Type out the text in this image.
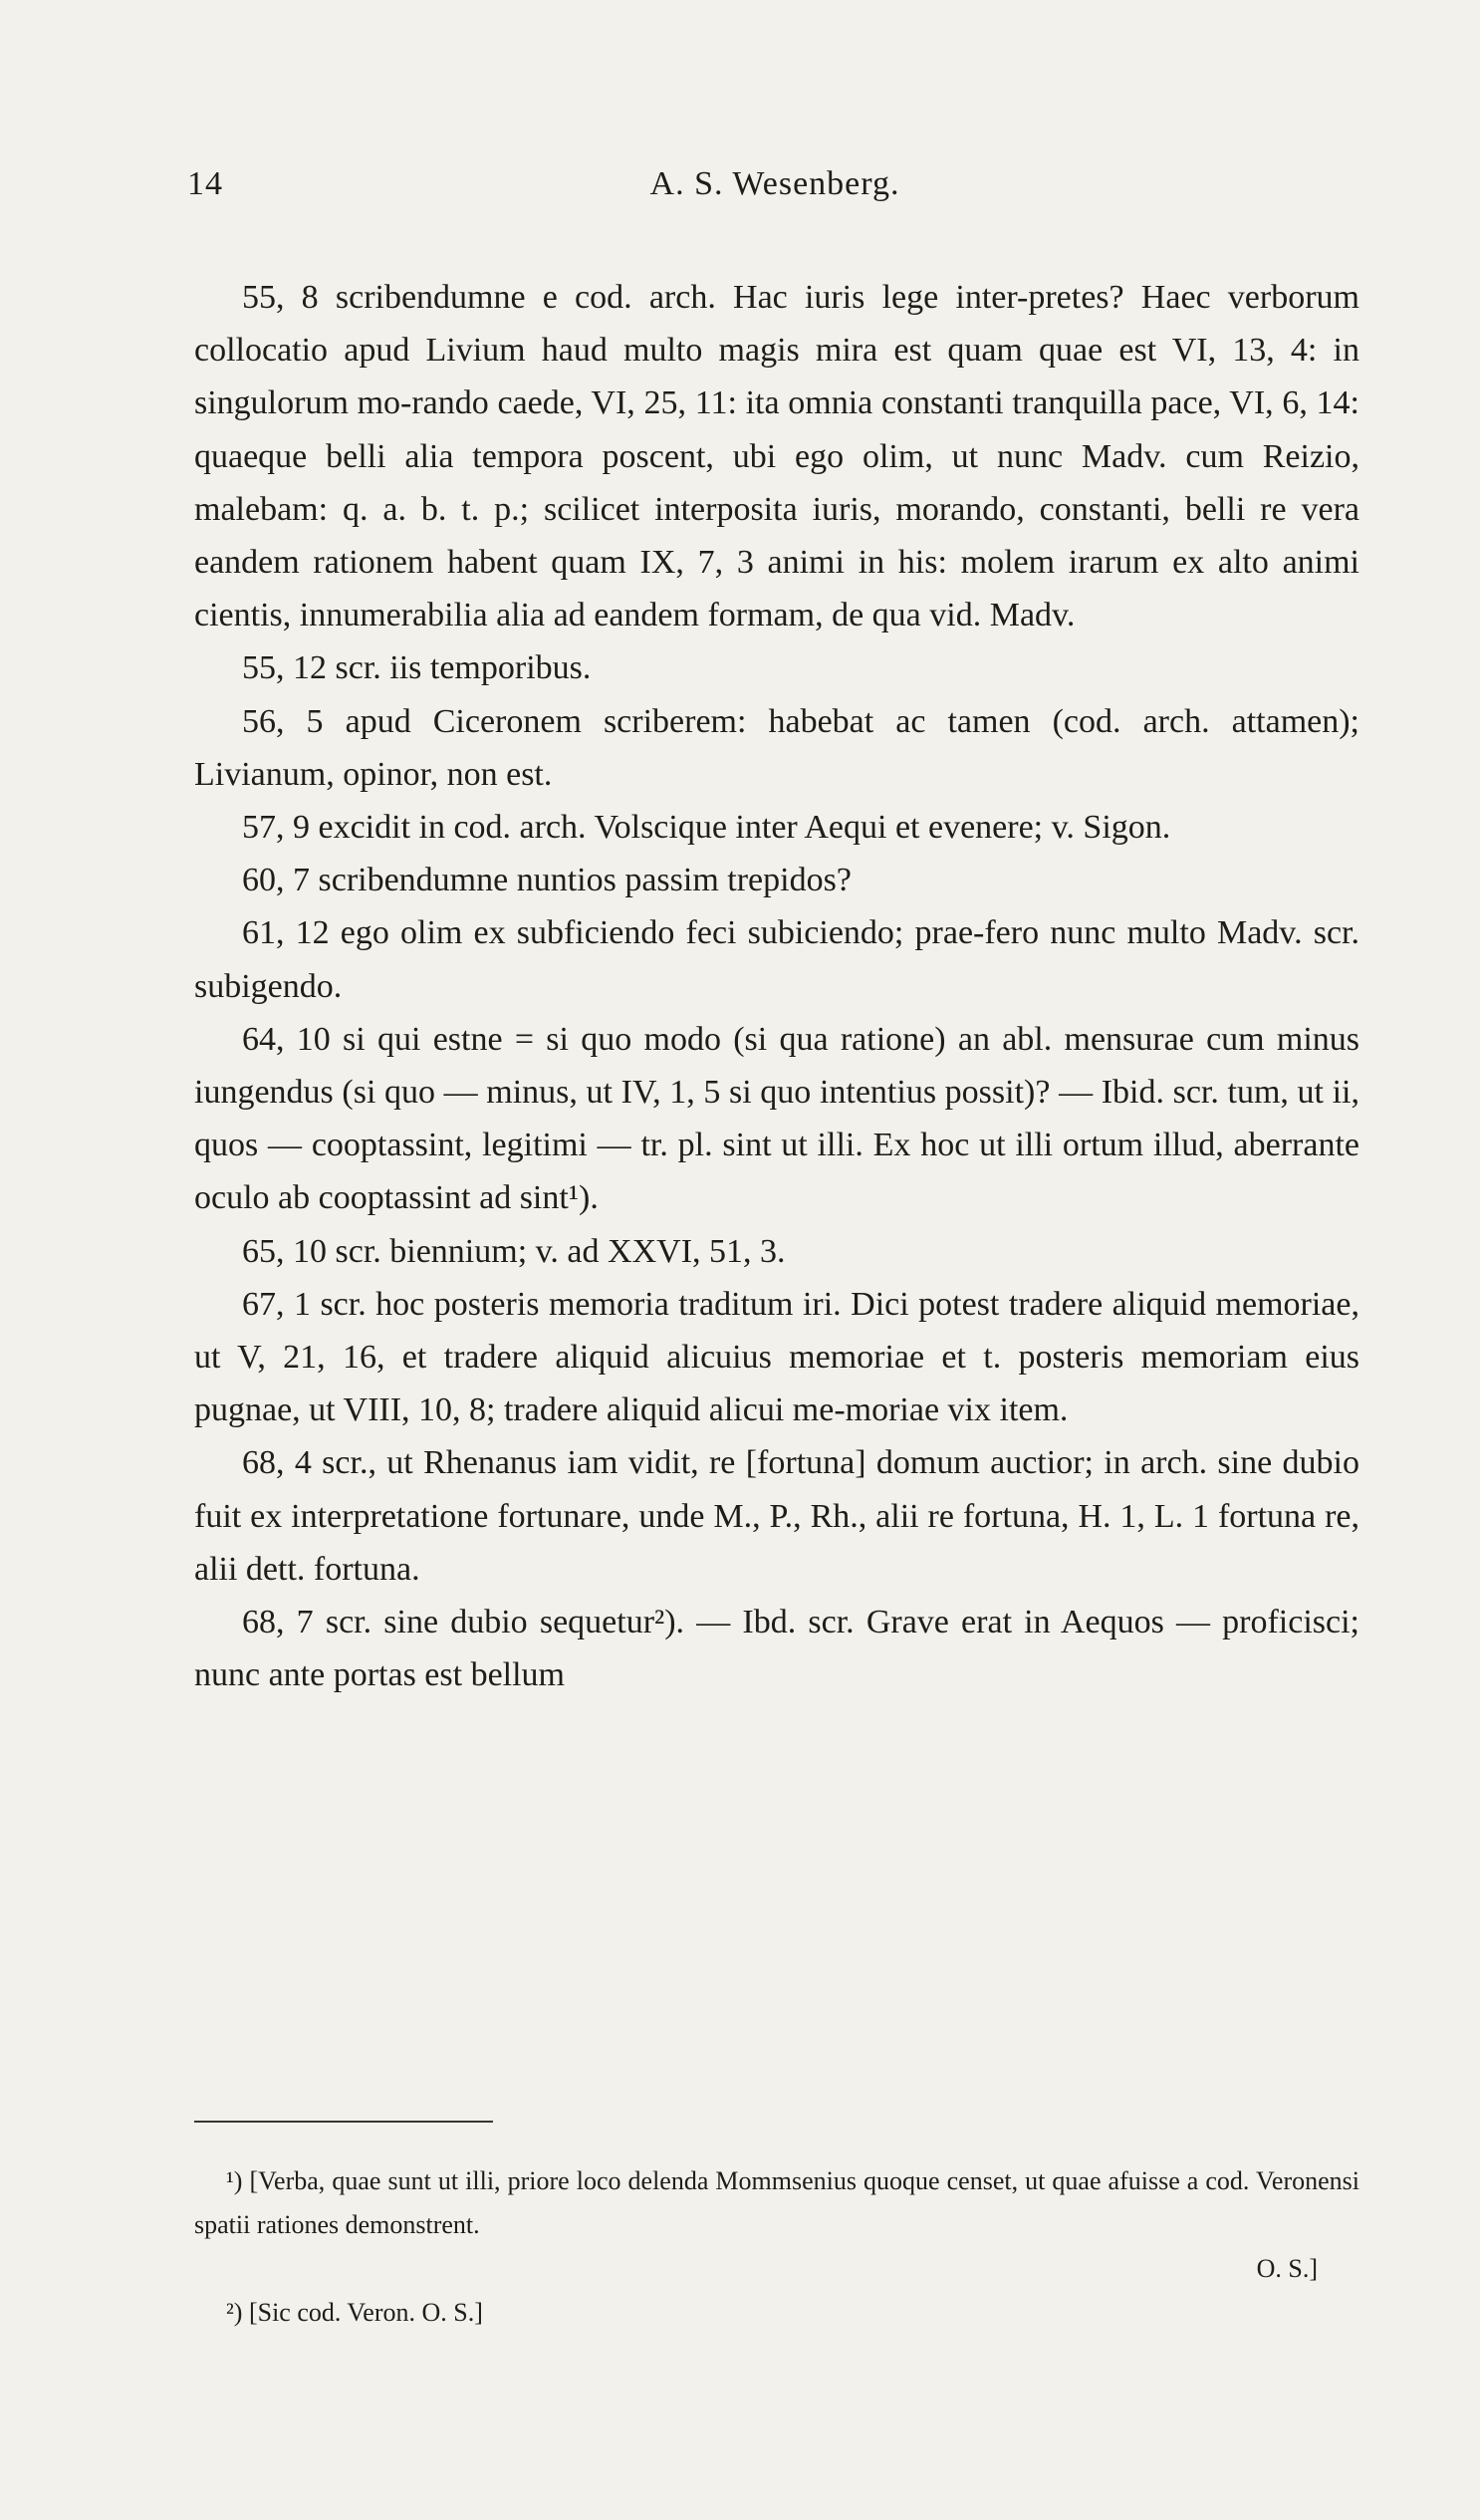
14	A. S. Wesenberg.

55, 8 scribendumne e cod. arch. Hac iuris lege inter-pretes? Haec verborum collocatio apud Livium haud multo magis mira est quam quae est VI, 13, 4: in singulorum mo-rando caede, VI, 25, 11: ita omnia constanti tranquilla pace, VI, 6, 14: quaeque belli alia tempora poscent, ubi ego olim, ut nunc Madv. cum Reizio, malebam: q. a. b. t. p.; scilicet interposita iuris, morando, constanti, belli re vera eandem rationem habent quam IX, 7, 3 animi in his: molem irarum ex alto animi cientis, innumerabilia alia ad eandem formam, de qua vid. Madv.

55, 12 scr. iis temporibus.

56, 5 apud Ciceronem scriberem: habebat ac tamen (cod. arch. attamen); Livianum, opinor, non est.

57, 9 excidit in cod. arch. Volscique inter Aequi et evenere; v. Sigon.

60, 7 scribendumne nuntios passim trepidos?

61, 12 ego olim ex subficiendo feci subiciendo; prae-fero nunc multo Madv. scr. subigendo.

64, 10 si qui estne = si quo modo (si qua ratione) an abl. mensurae cum minus iungendus (si quo — minus, ut IV, 1, 5 si quo intentius possit)? — Ibid. scr. tum, ut ii, quos — cooptassint, legitimi — tr. pl. sint ut illi. Ex hoc ut illi ortum illud, aberrante oculo ab cooptassint ad sint¹).

65, 10 scr. biennium; v. ad XXVI, 51, 3.

67, 1 scr. hoc posteris memoria traditum iri. Dici potest tradere aliquid memoriae, ut V, 21, 16, et tradere aliquid alicuius memoriae et t. posteris memoriam eius pugnae, ut VIII, 10, 8; tradere aliquid alicui me-moriae vix item.

68, 4 scr., ut Rhenanus iam vidit, re [fortuna] domum auctior; in arch. sine dubio fuit ex interpretatione fortunare, unde M., P., Rh., alii re fortuna, H. 1, L. 1 fortuna re, alii dett. fortuna.

68, 7 scr. sine dubio sequetur²). — Ibd. scr. Grave erat in Aequos — proficisci; nunc ante portas est bellum

¹) [Verba, quae sunt ut illi, priore loco delenda Mommsenius quoque censet, ut quae afuisse a cod. Veronensi spatii rationes demonstrent.

O. S.]

²) [Sic cod. Veron. O. S.]
